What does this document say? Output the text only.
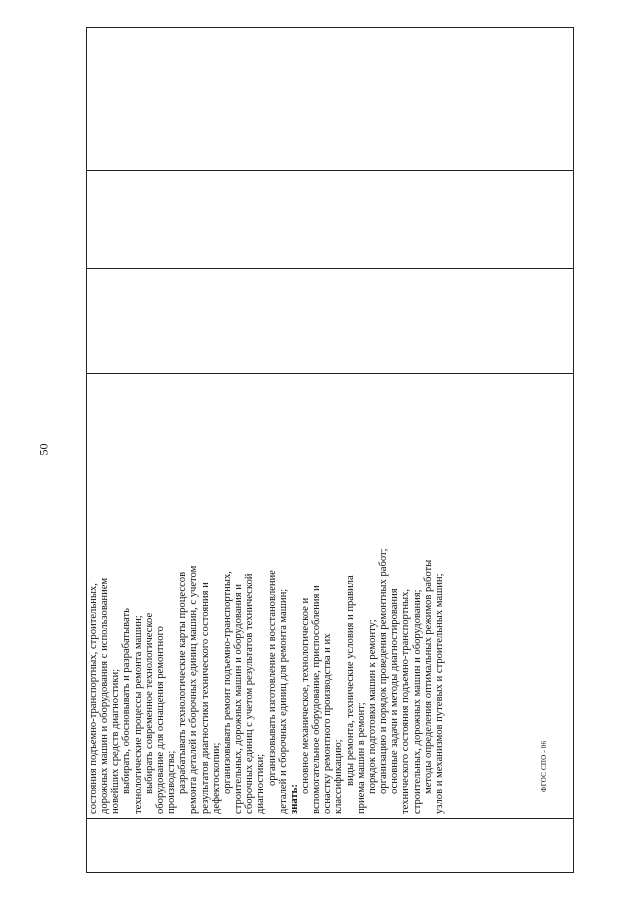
50

состояния подъемно-транспортных, строительных, дорожных машин и оборудования с использованием новейших средств диагностики; выбирать, обосновывать и разрабатывать технологические процессы ремонта машин; выбирать современное технологическое оборудование для оснащения ремонтного производства; разрабатывать технологические карты процессов ремонта деталей и сборочных единиц машин, с учетом результатов диагностики технического состояния и дефектоскопии; организовывать ремонт подъемно-транспортных, строительных, дорожных машин и оборудования и сборочных единиц с учетом результатов технической диагностики; организовывать изготовление и восстановление деталей и сборочных единиц для ремонта машин; знать:
основное механическое, технологическое и вспомогательное оборудование, приспособления и оснастку ремонтного производства и их классификацию; виды ремонта, технические условия и правила приема машин в ремонт; порядок подготовки машин к ремонту; организацию и порядок проведения ремонтных работ; основные задачи и методы диагностирования технического состояния подъемно-транспортных, строительных, дорожных машин и оборудования; методы определения оптимальных режимов работы узлов и механизмов путевых и строительных машин;
				ФГОС СПО - 06
